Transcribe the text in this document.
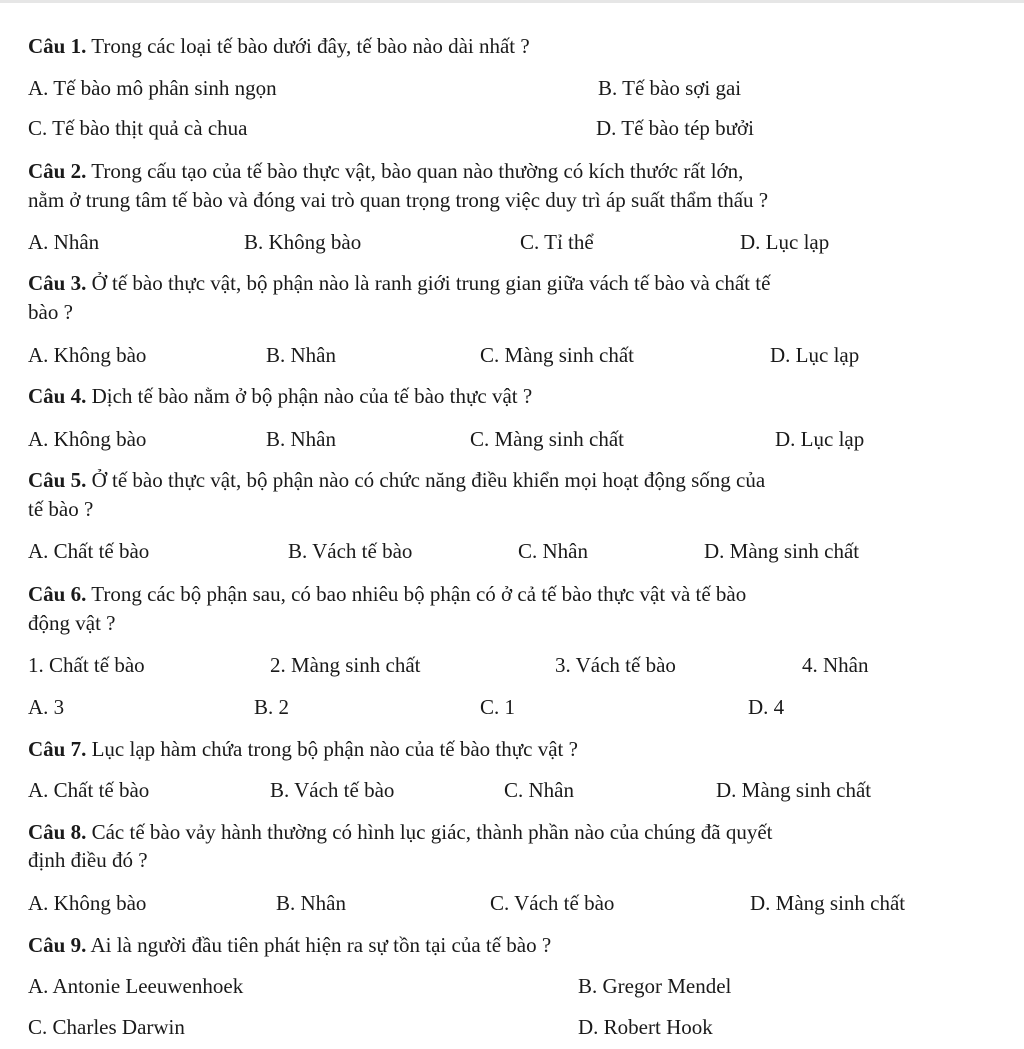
Câu 1. Trong các loại tế bào dưới đây, tế bào nào dài nhất ?
A. Tế bào mô phân sinh ngọn	B. Tế bào sợi gai
C. Tế bào thịt quả cà chua	D. Tế bào tép bưởi
Câu 2. Trong cấu tạo của tế bào thực vật, bào quan nào thường có kích thước rất lớn,
nằm ở trung tâm tế bào và đóng vai trò quan trọng trong việc duy trì áp suất thẩm thấu ?
A. Nhân	B. Không bào	C. Tỉ thể	D. Lục lạp
Câu 3. Ở tế bào thực vật, bộ phận nào là ranh giới trung gian giữa vách tế bào và chất tế
bào ?
A. Không bào	B. Nhân	C. Màng sinh chất	D. Lục lạp
Câu 4. Dịch tế bào nằm ở bộ phận nào của tế bào thực vật ?
A. Không bào	B. Nhân	C. Màng sinh chất	D. Lục lạp
Câu 5. Ở tế bào thực vật, bộ phận nào có chức năng điều khiển mọi hoạt động sống của
tế bào ?
A. Chất tế bào	B. Vách tế bào	C. Nhân	D. Màng sinh chất
Câu 6. Trong các bộ phận sau, có bao nhiêu bộ phận có ở cả tế bào thực vật và tế bào
động vật ?
1. Chất tế bào	2. Màng sinh chất	3. Vách tế bào	4. Nhân
A. 3	B. 2	C. 1	D. 4
Câu 7. Lục lạp hàm chứa trong bộ phận nào của tế bào thực vật ?
A. Chất tế bào	B. Vách tế bào	C. Nhân	D. Màng sinh chất
Câu 8. Các tế bào vảy hành thường có hình lục giác, thành phần nào của chúng đã quyết
định điều đó ?
A. Không bào	B. Nhân	C. Vách tế bào	D. Màng sinh chất
Câu 9. Ai là người đầu tiên phát hiện ra sự tồn tại của tế bào ?
A. Antonie Leeuwenhoek	B. Gregor Mendel
C. Charles Darwin	D. Robert Hook
